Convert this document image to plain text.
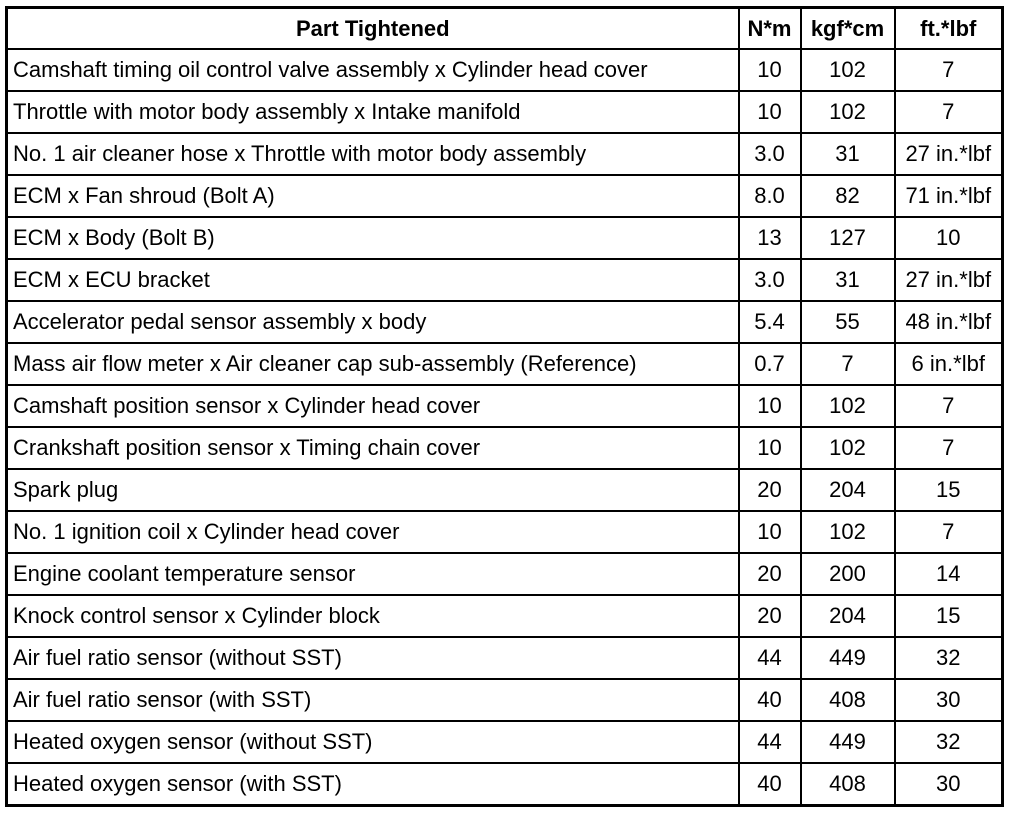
Part Tightened	N*m	kgf*cm	ft.*lbf
Camshaft timing oil control valve assembly x Cylinder head cover	10	102	7
Throttle with motor body assembly x Intake manifold	10	102	7
No. 1 air cleaner hose x Throttle with motor body assembly	3.0	31	27 in.*lbf
ECM x Fan shroud (Bolt A)	8.0	82	71 in.*lbf
ECM x Body (Bolt B)	13	127	10
ECM x ECU bracket	3.0	31	27 in.*lbf
Accelerator pedal sensor assembly x body	5.4	55	48 in.*lbf
Mass air flow meter x Air cleaner cap sub-assembly (Reference)	0.7	7	6 in.*lbf
Camshaft position sensor x Cylinder head cover	10	102	7
Crankshaft position sensor x Timing chain cover	10	102	7
Spark plug	20	204	15
No. 1 ignition coil x Cylinder head cover	10	102	7
Engine coolant temperature sensor	20	200	14
Knock control sensor x Cylinder block	20	204	15
Air fuel ratio sensor (without SST)	44	449	32
Air fuel ratio sensor (with SST)	40	408	30
Heated oxygen sensor (without SST)	44	449	32
Heated oxygen sensor (with SST)	40	408	30
